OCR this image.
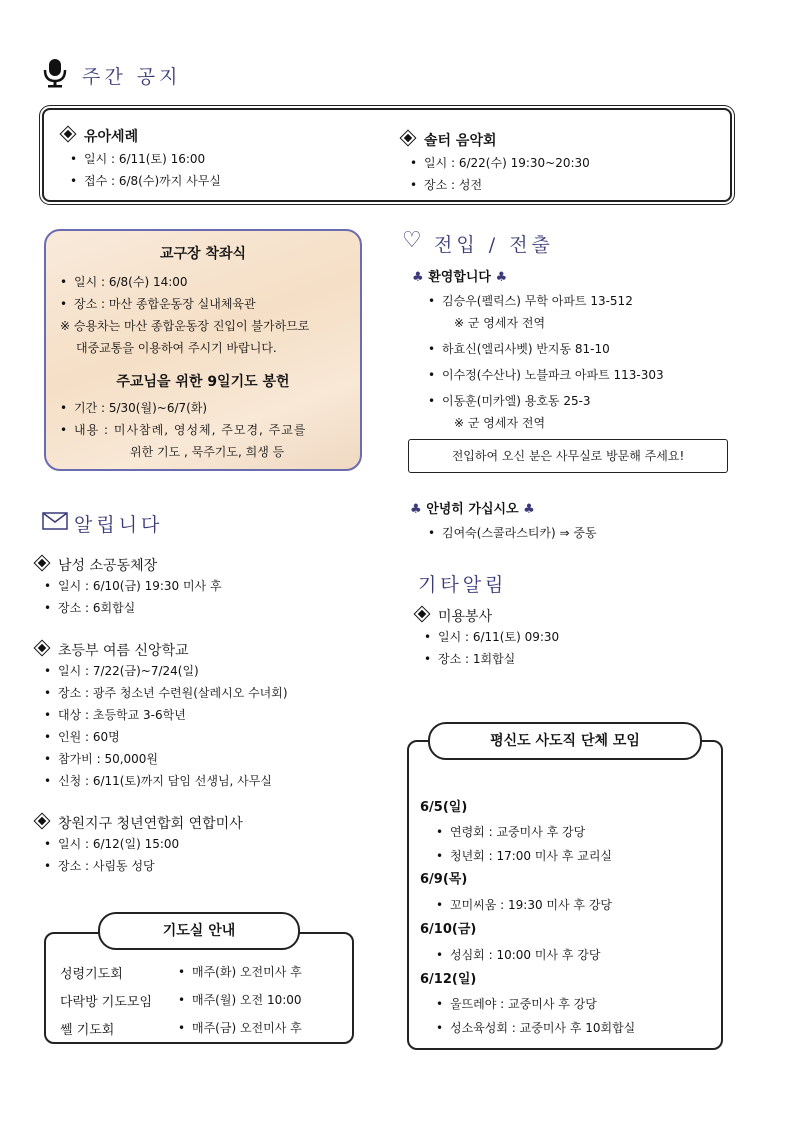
주간 공지
유아세례
• 일시 : 6/11(토) 16:00
• 접수 : 6/8(수)까지 사무실
솔터 음악회
• 일시 : 6/22(수) 19:30~20:30
• 장소 : 성전
교구장 착좌식
• 일시 : 6/8(수) 14:00
• 장소 : 마산 종합운동장 실내체육관
※ 승용차는 마산 종합운동장 진입이 불가하므로
대중교통을 이용하여 주시기 바랍니다.
주교님을 위한 9일기도 봉헌
• 기간 : 5/30(월)~6/7(화)
• 내용 : 미사참례, 영성체, 주모경, 주교를
위한 기도 , 묵주기도, 희생 등
♡ 전입 / 전출
♣ 환영합니다 ♣
• 김승우(펠릭스) 무학 아파트 13-512
※ 군 영세자 전역
• 하효신(엘리사벳) 반지동 81-10
• 이수정(수산나) 노블파크 아파트 113-303
• 이동훈(미카엘) 용호동 25-3
※ 군 영세자 전역
전입하여 오신 분은 사무실로 방문해 주세요!
♣ 안녕히 가십시오 ♣
• 김여숙(스콜라스티카) ⇒ 중동
알립니다
남성 소공동체장
• 일시 : 6/10(금) 19:30 미사 후
• 장소 : 6회합실
초등부 여름 신앙학교
• 일시 : 7/22(금)~7/24(일)
• 장소 : 광주 청소년 수련원(살레시오 수녀회)
• 대상 : 초등학교 3-6학년
• 인원 : 60명
• 참가비 : 50,000원
• 신청 : 6/11(토)까지 담임 선생님, 사무실
창원지구 청년연합회 연합미사
• 일시 : 6/12(일) 15:00
• 장소 : 사림동 성당
기타알림
미용봉사
• 일시 : 6/11(토) 09:30
• 장소 : 1회합실
평신도 사도직 단체 모임
6/5(일)
• 연령회 : 교중미사 후 강당
• 청년회 : 17:00 미사 후 교리실
6/9(목)
• 꼬미씨움 : 19:30 미사 후 강당
6/10(금)
• 성심회 : 10:00 미사 후 강당
6/12(일)
• 울뜨레야 : 교중미사 후 강당
• 성소육성회 : 교중미사 후 10회합실
기도실 안내
성령기도회	• 매주(화) 오전미사 후
다락방 기도모임	• 매주(월) 오전 10:00
쎌 기도회	• 매주(금) 오전미사 후
